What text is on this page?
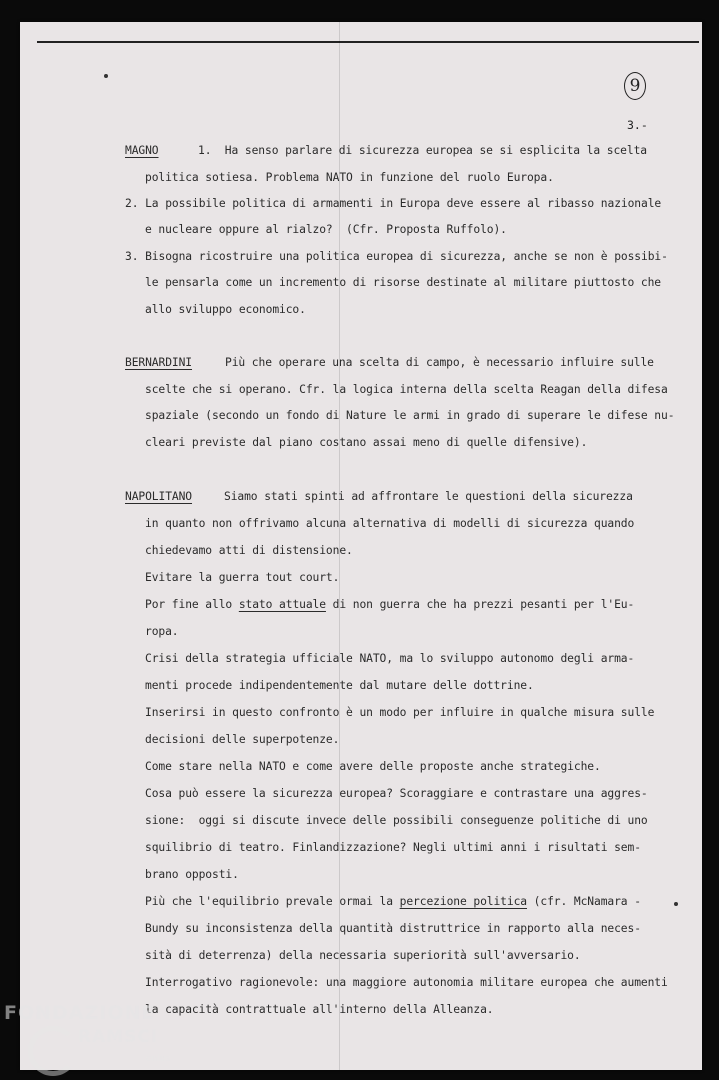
9
3.-
MAGNO	1.  Ha senso parlare di sicurezza europea se si esplicita la scelta
politica sotiesa. Problema NATO in funzione del ruolo Europa.
2. La possibile politica di armamenti in Europa deve essere al ribasso nazionale
e nucleare oppure al rialzo?  (Cfr. Proposta Ruffolo).
3. Bisogna ricostruire una politica europea di sicurezza, anche se non è possibi-
le pensarla come un incremento di risorse destinate al militare piuttosto che
allo sviluppo economico.
BERNARDINI	Più che operare una scelta di campo, è necessario influire sulle
scelte che si operano. Cfr. la logica interna della scelta Reagan della difesa
spaziale (secondo un fondo di Nature le armi in grado di superare le difese nu-
cleari previste dal piano costano assai meno di quelle difensive).
NAPOLITANO	Siamo stati spinti ad affrontare le questioni della sicurezza
in quanto non offrivamo alcuna alternativa di modelli di sicurezza quando
chiedevamo atti di distensione.
Evitare la guerra tout court.
Por fine allo stato attuale di non guerra che ha prezzi pesanti per l'Eu-
ropa.
Crisi della strategia ufficiale NATO, ma lo sviluppo autonomo degli arma-
menti procede indipendentemente dal mutare delle dottrine.
Inserirsi in questo confronto è un modo per influire in qualche misura sulle
decisioni delle superpotenze.
Come stare nella NATO e come avere delle proposte anche strategiche.
Cosa può essere la sicurezza europea? Scoraggiare e contrastare una aggres-
sione:  oggi si discute invece delle possibili conseguenze politiche di uno
squilibrio di teatro. Finlandizzazione? Negli ultimi anni i risultati sem-
brano opposti.
Più che l'equilibrio prevale ormai la percezione politica (cfr. McNamara -
Bundy su inconsistenza della quantità distruttrice in rapporto alla neces-
sità di deterrenza) della necessaria superiorità sull'avversario.
Interrogativo ragionevole: una maggiore autonomia militare europea che aumenti
la capacità contrattuale all'interno della Alleanza.
FONDAZIONE
RAMSCI
onlus
